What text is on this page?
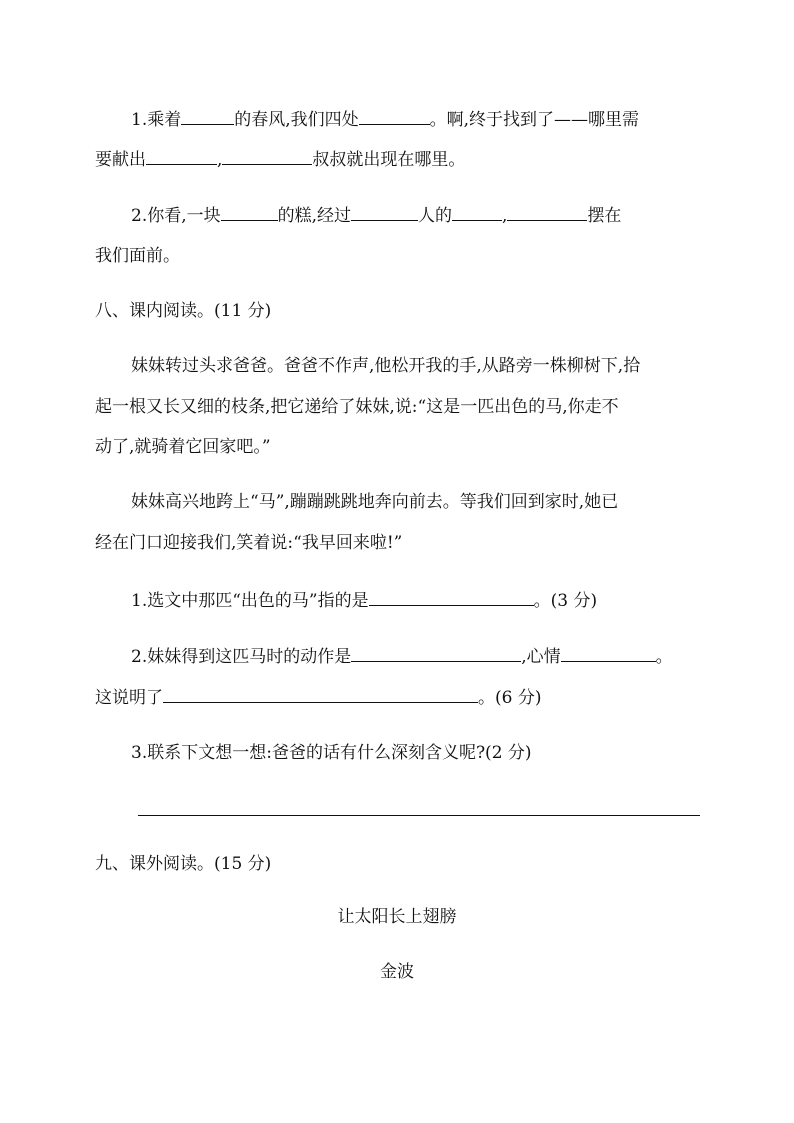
1.乘着	的春风,我们四处	。啊,终于找到了——哪里需
要献出	,	叔叔就出现在哪里。
2.你看,一块	的糕,经过	人的	,	摆在
我们面前。
八、课内阅读。(11 分)
妹妹转过头求爸爸。爸爸不作声,他松开我的手,从路旁一株柳树下,拾
起一根又长又细的枝条,把它递给了妹妹,说:“这是一匹出色的马,你走不
动了,就骑着它回家吧。”
妹妹高兴地跨上“马”,蹦蹦跳跳地奔向前去。等我们回到家时,她已
经在门口迎接我们,笑着说:“我早回来啦!”
1.选文中那匹“出色的马”指的是	。(3 分)
2.妹妹得到这匹马时的动作是	,心情	。
这说明了	。(6 分)
3.联系下文想一想:爸爸的话有什么深刻含义呢?(2 分)
九、课外阅读。(15 分)
让太阳长上翅膀
金波
